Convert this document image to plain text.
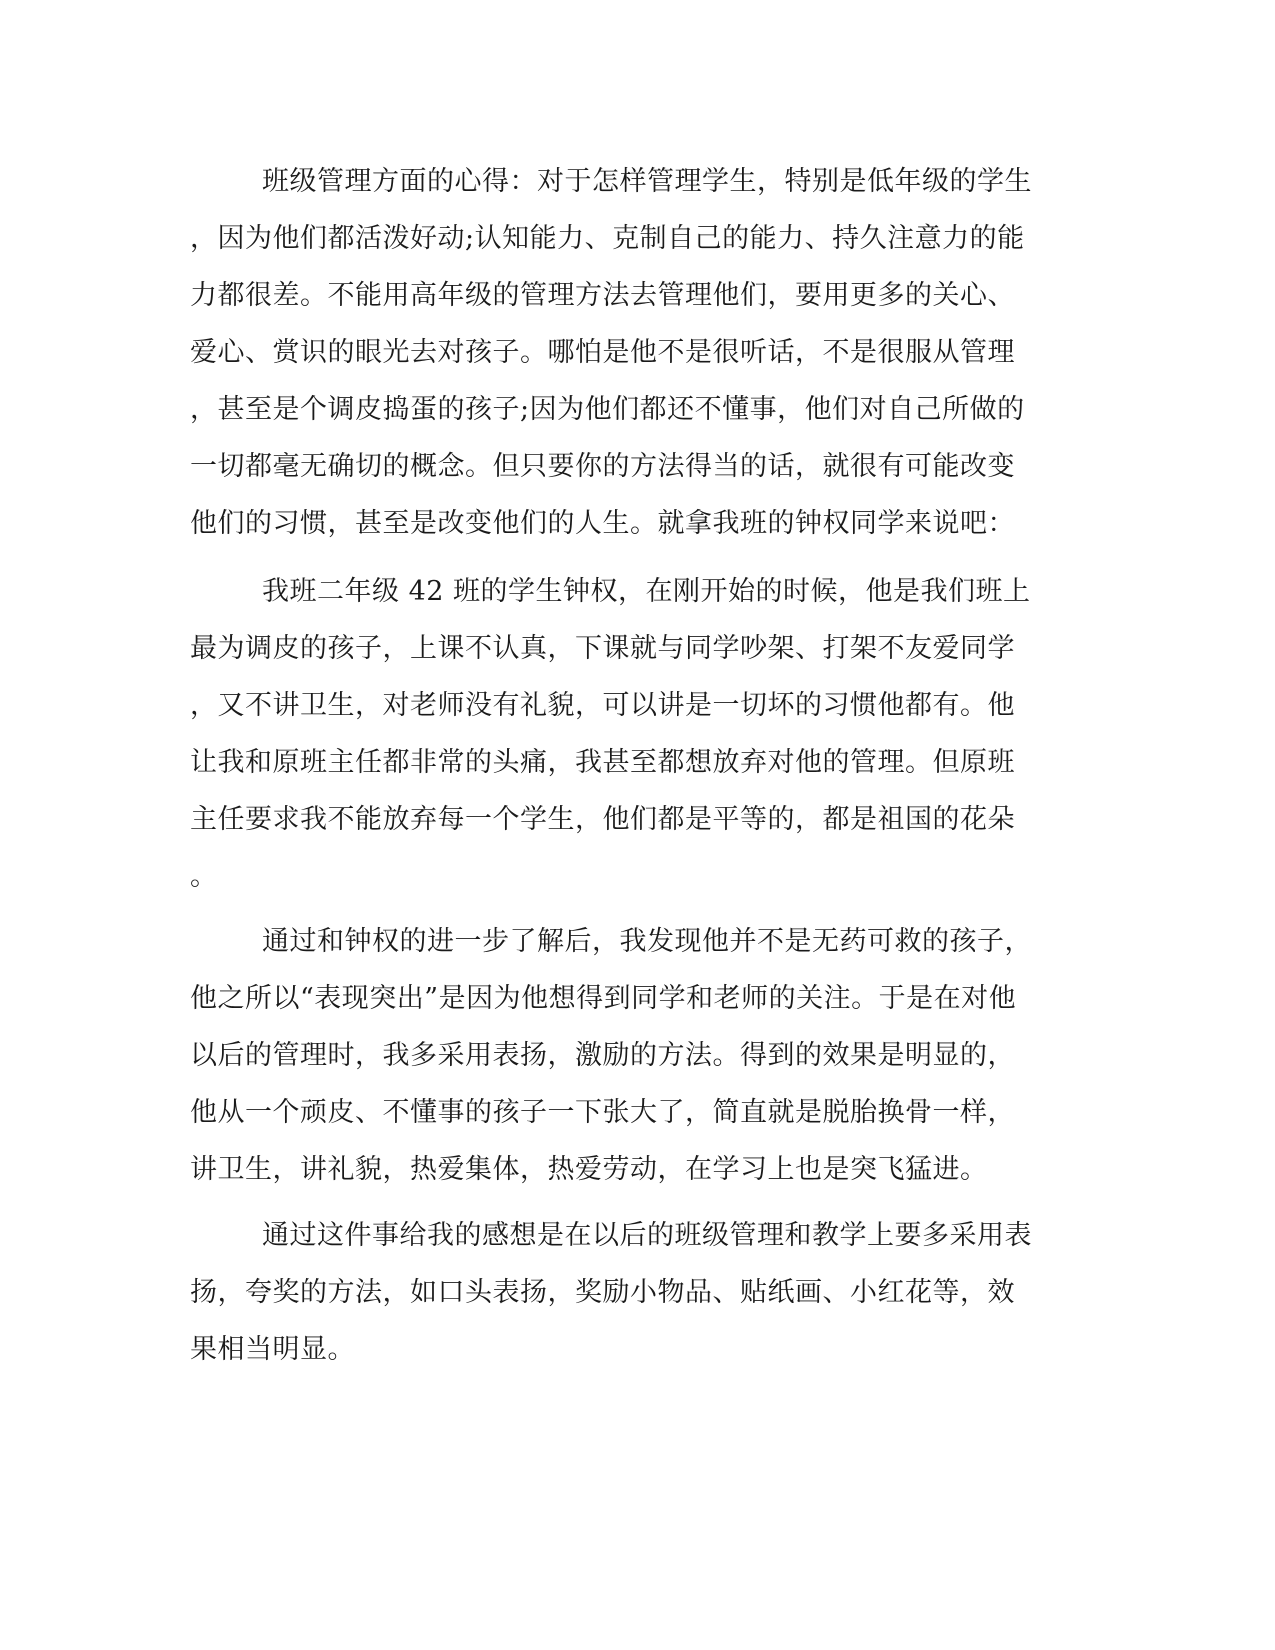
班级管理方面的心得：对于怎样管理学生，特别是低年级的学生
，因为他们都活泼好动;认知能力、克制自己的能力、持久注意力的能
力都很差。不能用高年级的管理方法去管理他们，要用更多的关心、
爱心、赏识的眼光去对孩子。哪怕是他不是很听话，不是很服从管理
，甚至是个调皮捣蛋的孩子;因为他们都还不懂事，他们对自己所做的
一切都毫无确切的概念。但只要你的方法得当的话，就很有可能改变
他们的习惯，甚至是改变他们的人生。就拿我班的钟权同学来说吧：
我班二年级 42 班的学生钟权，在刚开始的时候，他是我们班上
最为调皮的孩子，上课不认真，下课就与同学吵架、打架不友爱同学
，又不讲卫生，对老师没有礼貌，可以讲是一切坏的习惯他都有。他
让我和原班主任都非常的头痛，我甚至都想放弃对他的管理。但原班
主任要求我不能放弃每一个学生，他们都是平等的，都是祖国的花朵
。
通过和钟权的进一步了解后，我发现他并不是无药可救的孩子，
他之所以“表现突出”是因为他想得到同学和老师的关注。于是在对他
以后的管理时，我多采用表扬，激励的方法。得到的效果是明显的，
他从一个顽皮、不懂事的孩子一下张大了，简直就是脱胎换骨一样，
讲卫生，讲礼貌，热爱集体，热爱劳动，在学习上也是突飞猛进。
通过这件事给我的感想是在以后的班级管理和教学上要多采用表
扬，夸奖的方法，如口头表扬，奖励小物品、贴纸画、小红花等，效
果相当明显。
